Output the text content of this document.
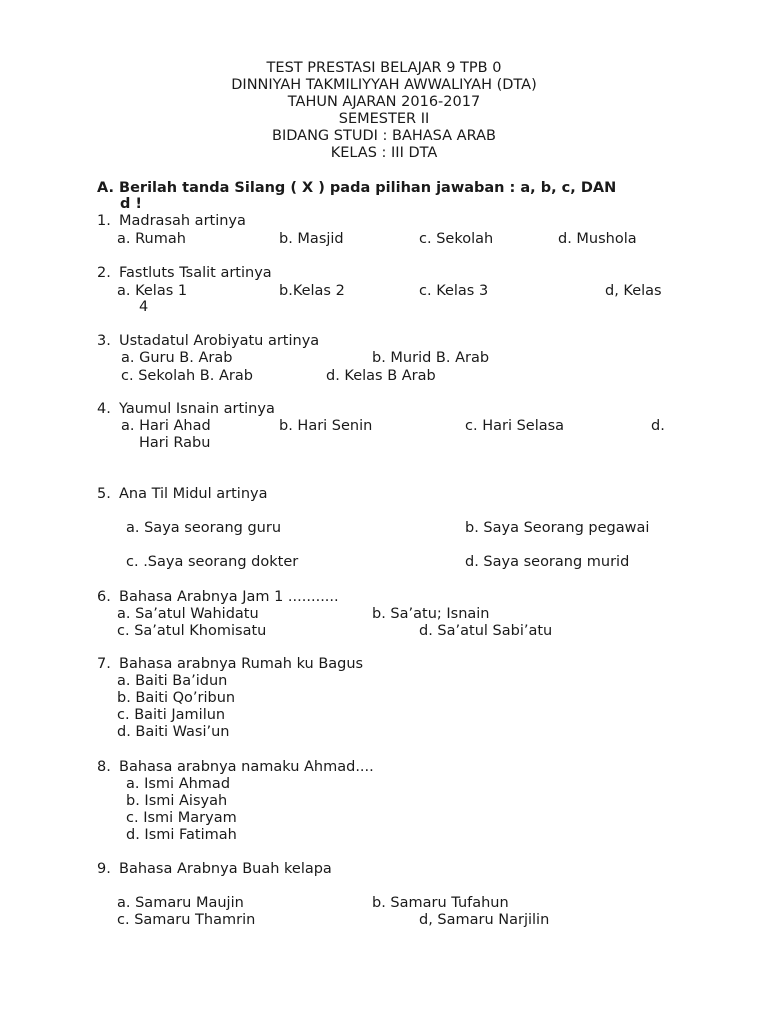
TEST PRESTASI BELAJAR 9 TPB 0
DINNIYAH TAKMILIYYAH AWWALIYAH (DTA)
TAHUN AJARAN 2016-2017
SEMESTER II
BIDANG STUDI : BAHASA ARAB
KELAS : III DTA
A. Berilah tanda Silang ( X ) pada pilihan jawaban : a, b, c, DAN
d !
1. Madrasah artinya
a. Rumah	b. Masjid	c. Sekolah	d. Mushola
2. Fastluts Tsalit artinya
a. Kelas 1	b.Kelas 2	c. Kelas 3	d, Kelas
4
3. Ustadatul Arobiyatu artinya
a. Guru B. Arab	b. Murid B. Arab
c. Sekolah B. Arab	d. Kelas B Arab
4. Yaumul Isnain artinya
a. Hari Ahad	b. Hari Senin	c. Hari Selasa	d.
Hari Rabu
5. Ana Til Midul artinya
a. Saya seorang guru	b. Saya Seorang pegawai
c. .Saya seorang dokter	d. Saya seorang murid
6. Bahasa Arabnya Jam 1 ...........
a. Sa’atul Wahidatu	b. Sa’atu; Isnain
c. Sa’atul Khomisatu	d. Sa’atul Sabi’atu
7. Bahasa arabnya Rumah ku Bagus
a. Baiti Ba’idun
b. Baiti Qo’ribun
c. Baiti Jamilun
d. Baiti Wasi’un
8. Bahasa arabnya namaku Ahmad....
a. Ismi Ahmad
b. Ismi Aisyah
c. Ismi Maryam
d. Ismi Fatimah
9. Bahasa Arabnya Buah kelapa
a. Samaru Maujin	b. Samaru Tufahun
c. Samaru Thamrin	d, Samaru Narjilin
